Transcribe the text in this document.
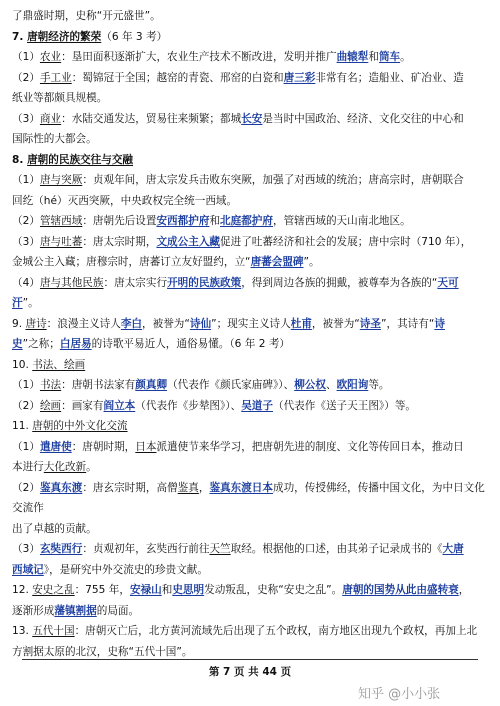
了鼎盛时期，史称“开元盛世”。
7. 唐朝经济的繁荣（6 年 3 考）
（1）农业：垦田面积逐渐扩大，农业生产技术不断改进，发明并推广曲辕犁和筒车。
（2）手工业：蜀锦冠于全国；越窑的青瓷、邢窑的白瓷和唐三彩非常有名；造船业、矿冶业、造
纸业等都颇具规模。
（3）商业：水陆交通发达，贸易往来频繁；都城长安是当时中国政治、经济、文化交往的中心和
国际性的大都会。
8. 唐朝的民族交往与交融
（1）唐与突厥：贞观年间，唐太宗发兵击败东突厥，加强了对西域的统治；唐高宗时，唐朝联合
回纥（hé）灭西突厥，中央政权完全统一西域。
（2）管辖西域：唐朝先后设置安西都护府和北庭都护府，管辖西域的天山南北地区。
（3）唐与吐蕃：唐太宗时期，文成公主入藏促进了吐蕃经济和社会的发展；唐中宗时（710 年），
金城公主入藏；唐穆宗时，唐蕃订立友好盟约，立“唐蕃会盟碑”。
（4）唐与其他民族：唐太宗实行开明的民族政策，得到周边各族的拥戴，被尊奉为各族的“天可
汗”。
9. 唐诗：浪漫主义诗人李白，被誉为“诗仙”；现实主义诗人杜甫，被誉为“诗圣”，其诗有“诗
史”之称；白居易的诗歌平易近人，通俗易懂。（6 年 2 考）
10. 书法、绘画
（1）书法：唐朝书法家有颜真卿（代表作《颜氏家庙碑》）、柳公权、欧阳询等。
（2）绘画：画家有阎立本（代表作《步辇图》）、吴道子（代表作《送子天王图》）等。
11. 唐朝的中外文化交流
（1）遣唐使：唐朝时期，日本派遣使节来华学习，把唐朝先进的制度、文化等传回日本，推动日
本进行大化改新。
（2）鉴真东渡：唐玄宗时期，高僧鉴真，鉴真东渡日本成功，传授佛经，传播中国文化，为中日文化交流作
出了卓越的贡献。
（3）玄奘西行：贞观初年，玄奘西行前往天竺取经。根据他的口述，由其弟子记录成书的《大唐
西域记》，是研究中外交流史的珍贵文献。
12. 安史之乱：755 年，安禄山和史思明发动叛乱，史称“安史之乱”。唐朝的国势从此由盛转衰，
逐渐形成藩镇割据的局面。
13. 五代十国：唐朝灭亡后，北方黄河流域先后出现了五个政权，南方地区出现九个政权，再加上北
方割据太原的北汉，史称“五代十国”。
第 7 页 共 44 页
知乎 @小小张
